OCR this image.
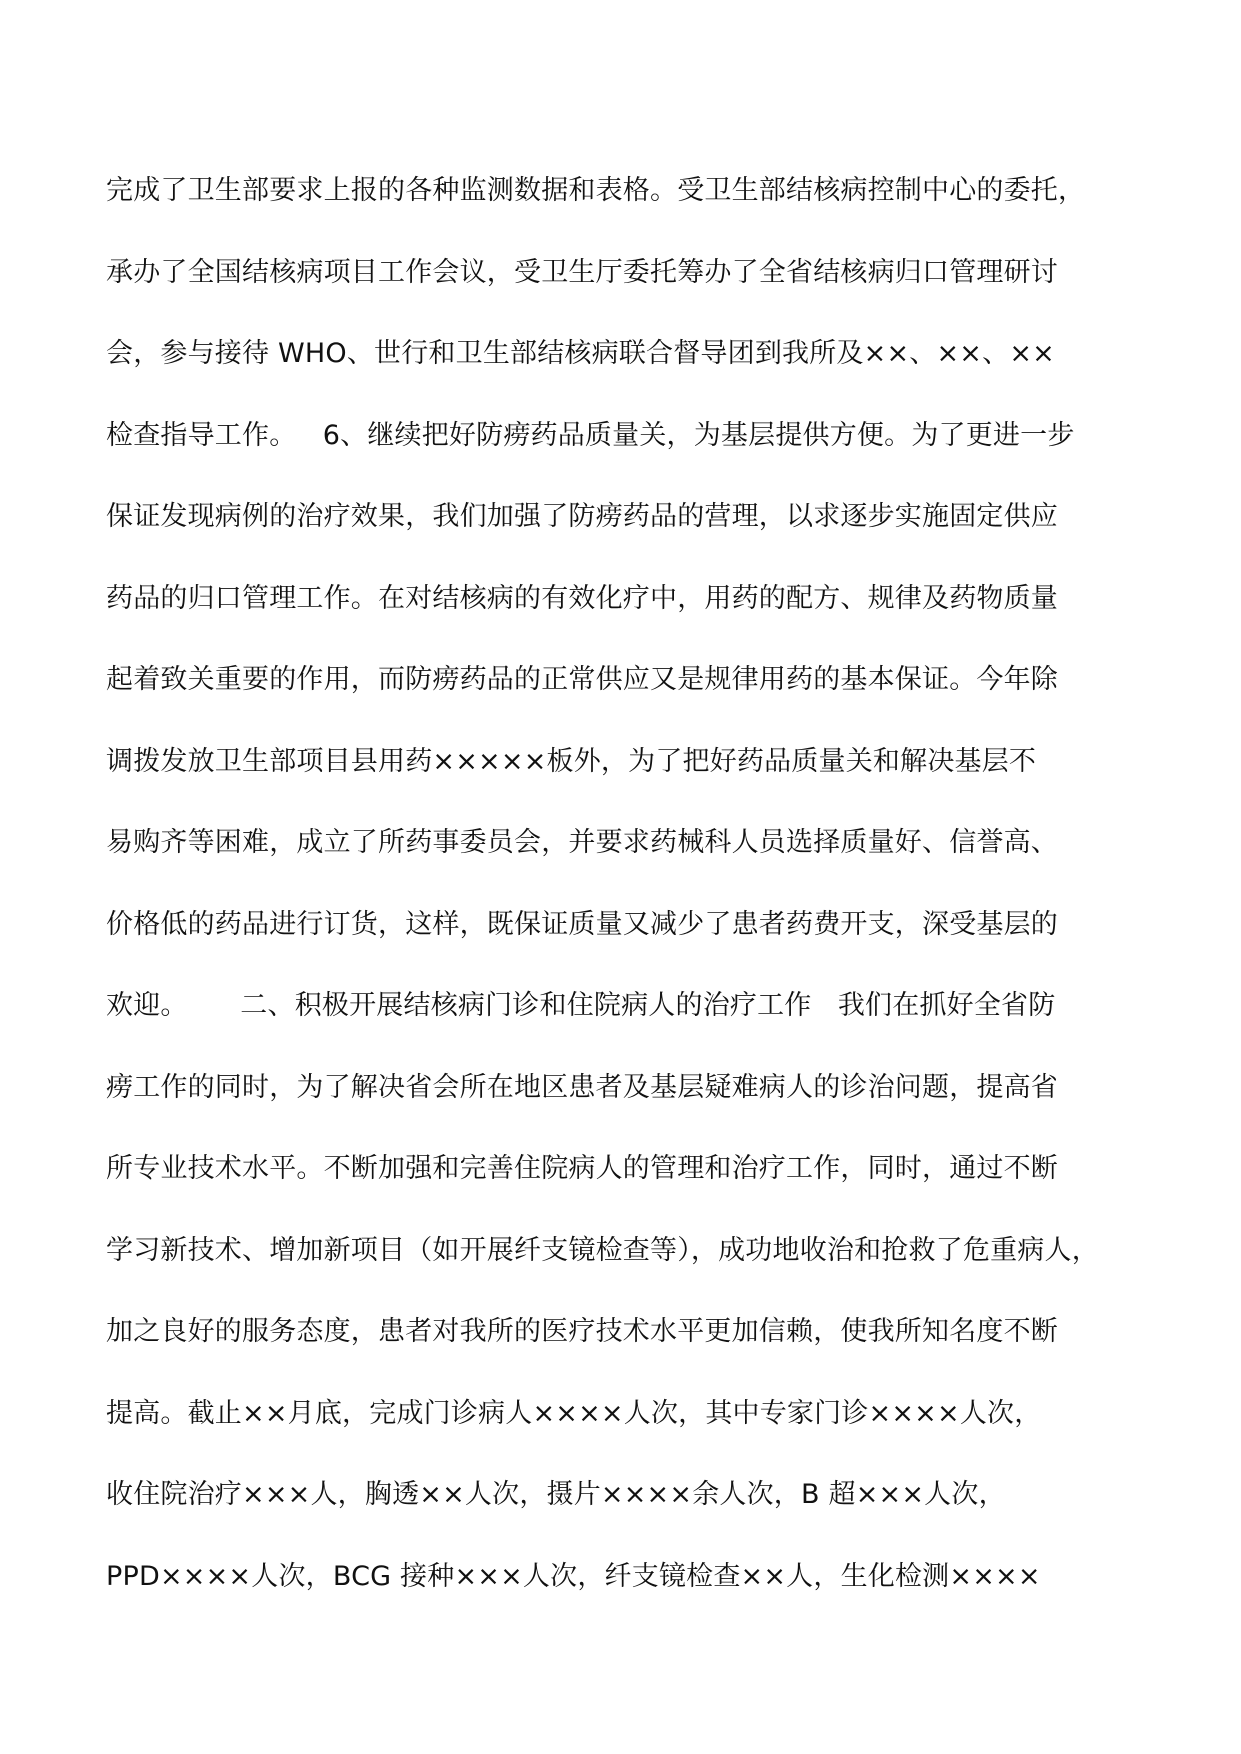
完成了卫生部要求上报的各种监测数据和表格。受卫生部结核病控制中心的委托，
承办了全国结核病项目工作会议，受卫生厅委托筹办了全省结核病归口管理研讨
会，参与接待 WHO、世行和卫生部结核病联合督导团到我所及××、××、××
检查指导工作。   6、继续把好防痨药品质量关，为基层提供方便。为了更进一步
保证发现病例的治疗效果，我们加强了防痨药品的营理，以求逐步实施固定供应
药品的归口管理工作。在对结核病的有效化疗中，用药的配方、规律及药物质量
起着致关重要的作用，而防痨药品的正常供应又是规律用药的基本保证。今年除
调拨发放卫生部项目县用药×××××板外，为了把好药品质量关和解决基层不
易购齐等困难，成立了所药事委员会，并要求药械科人员选择质量好、信誉高、
价格低的药品进行订货，这样，既保证质量又减少了患者药费开支，深受基层的
欢迎。      二、积极开展结核病门诊和住院病人的治疗工作   我们在抓好全省防
痨工作的同时，为了解决省会所在地区患者及基层疑难病人的诊治问题，提高省
所专业技术水平。不断加强和完善住院病人的管理和治疗工作，同时，通过不断
学习新技术、增加新项目（如开展纤支镜检查等），成功地收治和抢救了危重病人，
加之良好的服务态度，患者对我所的医疗技术水平更加信赖，使我所知名度不断
提高。截止××月底，完成门诊病人××××人次，其中专家门诊××××人次，
收住院治疗×××人，胸透××人次，摄片××××余人次，B 超×××人次，
PPD××××人次，BCG 接种×××人次，纤支镜检查××人，生化检测××××
